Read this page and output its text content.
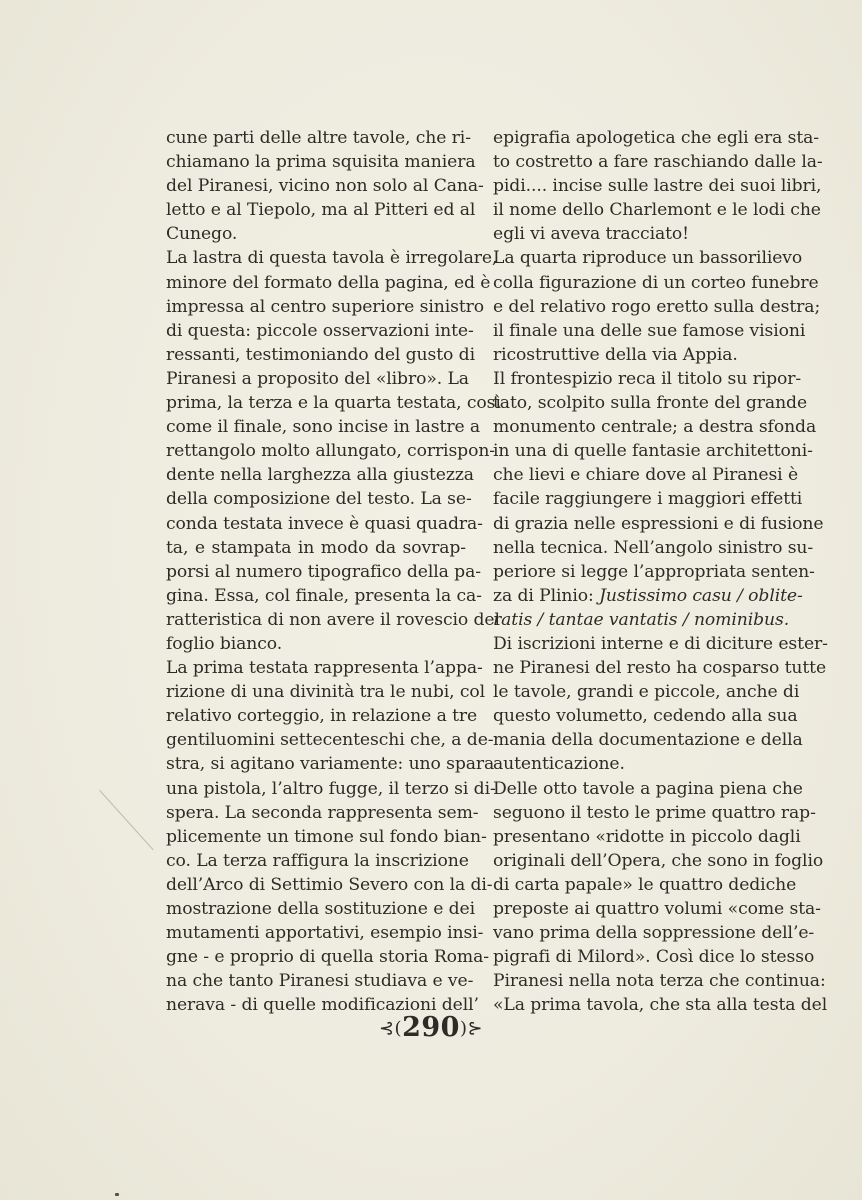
cune parti delle altre tavole, che ri-
chiamano la prima squisita maniera
del Piranesi, vicino non solo al Cana-
letto e al Tiepolo, ma al Pitteri ed al
Cunego.
La lastra di questa tavola è irregolare,
minore del formato della pagina, ed è
impressa al centro superiore sinistro
di questa: piccole osservazioni inte-
ressanti, testimoniando del gusto di
Piranesi a proposito del «libro». La
prima, la terza e la quarta testata, così
come il finale, sono incise in lastre a
rettangolo molto allungato, corrispon-
dente nella larghezza alla giustezza
della composizione del testo. La se-
conda testata invece è quasi quadra-
ta, e stampata in modo da sovrap-
porsi al numero tipografico della pa-
gina. Essa, col finale, presenta la ca-
ratteristica di non avere il rovescio del
foglio bianco.
La prima testata rappresenta l’appa-
rizione di una divinità tra le nubi, col
relativo corteggio, in relazione a tre
gentiluomini settecenteschi che, a de-
stra, si agitano variamente: uno spara
una pistola, l’altro fugge, il terzo si di-
spera. La seconda rappresenta sem-
plicemente un timone sul fondo bian-
co. La terza raffigura la inscrizione
dell’Arco di Settimio Severo con la di-
mostrazione della sostituzione e dei
mutamenti apportativi, esempio insi-
gne - e proprio di quella storia Roma-
na che tanto Piranesi studiava e ve-
nerava - di quelle modificazioni dell’
epigrafia apologetica che egli era sta-
to costretto a fare raschiando dalle la-
pidi.... incise sulle lastre dei suoi libri,
il nome dello Charlemont e le lodi che
egli vi aveva tracciato!
La quarta riproduce un bassorilievo
colla figurazione di un corteo funebre
e del relativo rogo eretto sulla destra;
il finale una delle sue famose visioni
ricostruttive della via Appia.
Il frontespizio reca il titolo su ripor-
tato, scolpito sulla fronte del grande
monumento centrale; a destra sfonda
in una di quelle fantasie architettoni-
che lievi e chiare dove al Piranesi è
facile raggiungere i maggiori effetti
di grazia nelle espressioni e di fusione
nella tecnica. Nell’angolo sinistro su-
periore si legge l’appropriata senten-
za di Plinio: Justissimo casu / oblite-
ratis / tantae vantatis / nominibus.
Di iscrizioni interne e di diciture ester-
ne Piranesi del resto ha cosparso tutte
le tavole, grandi e piccole, anche di
questo volumetto, cedendo alla sua
mania della documentazione e della
autenticazione.
Delle otto tavole a pagina piena che
seguono il testo le prime quattro rap-
presentano «ridotte in piccolo dagli
originali dell’Opera, che sono in foglio
di carta papale» le quattro dediche
preposte ai quattro volumi «come sta-
vano prima della soppressione dell’e-
pigrafi di Milord». Così dice lo stesso
Piranesi nella nota terza che continua:
«La prima tavola, che sta alla testa del
⊰(290)⊱
